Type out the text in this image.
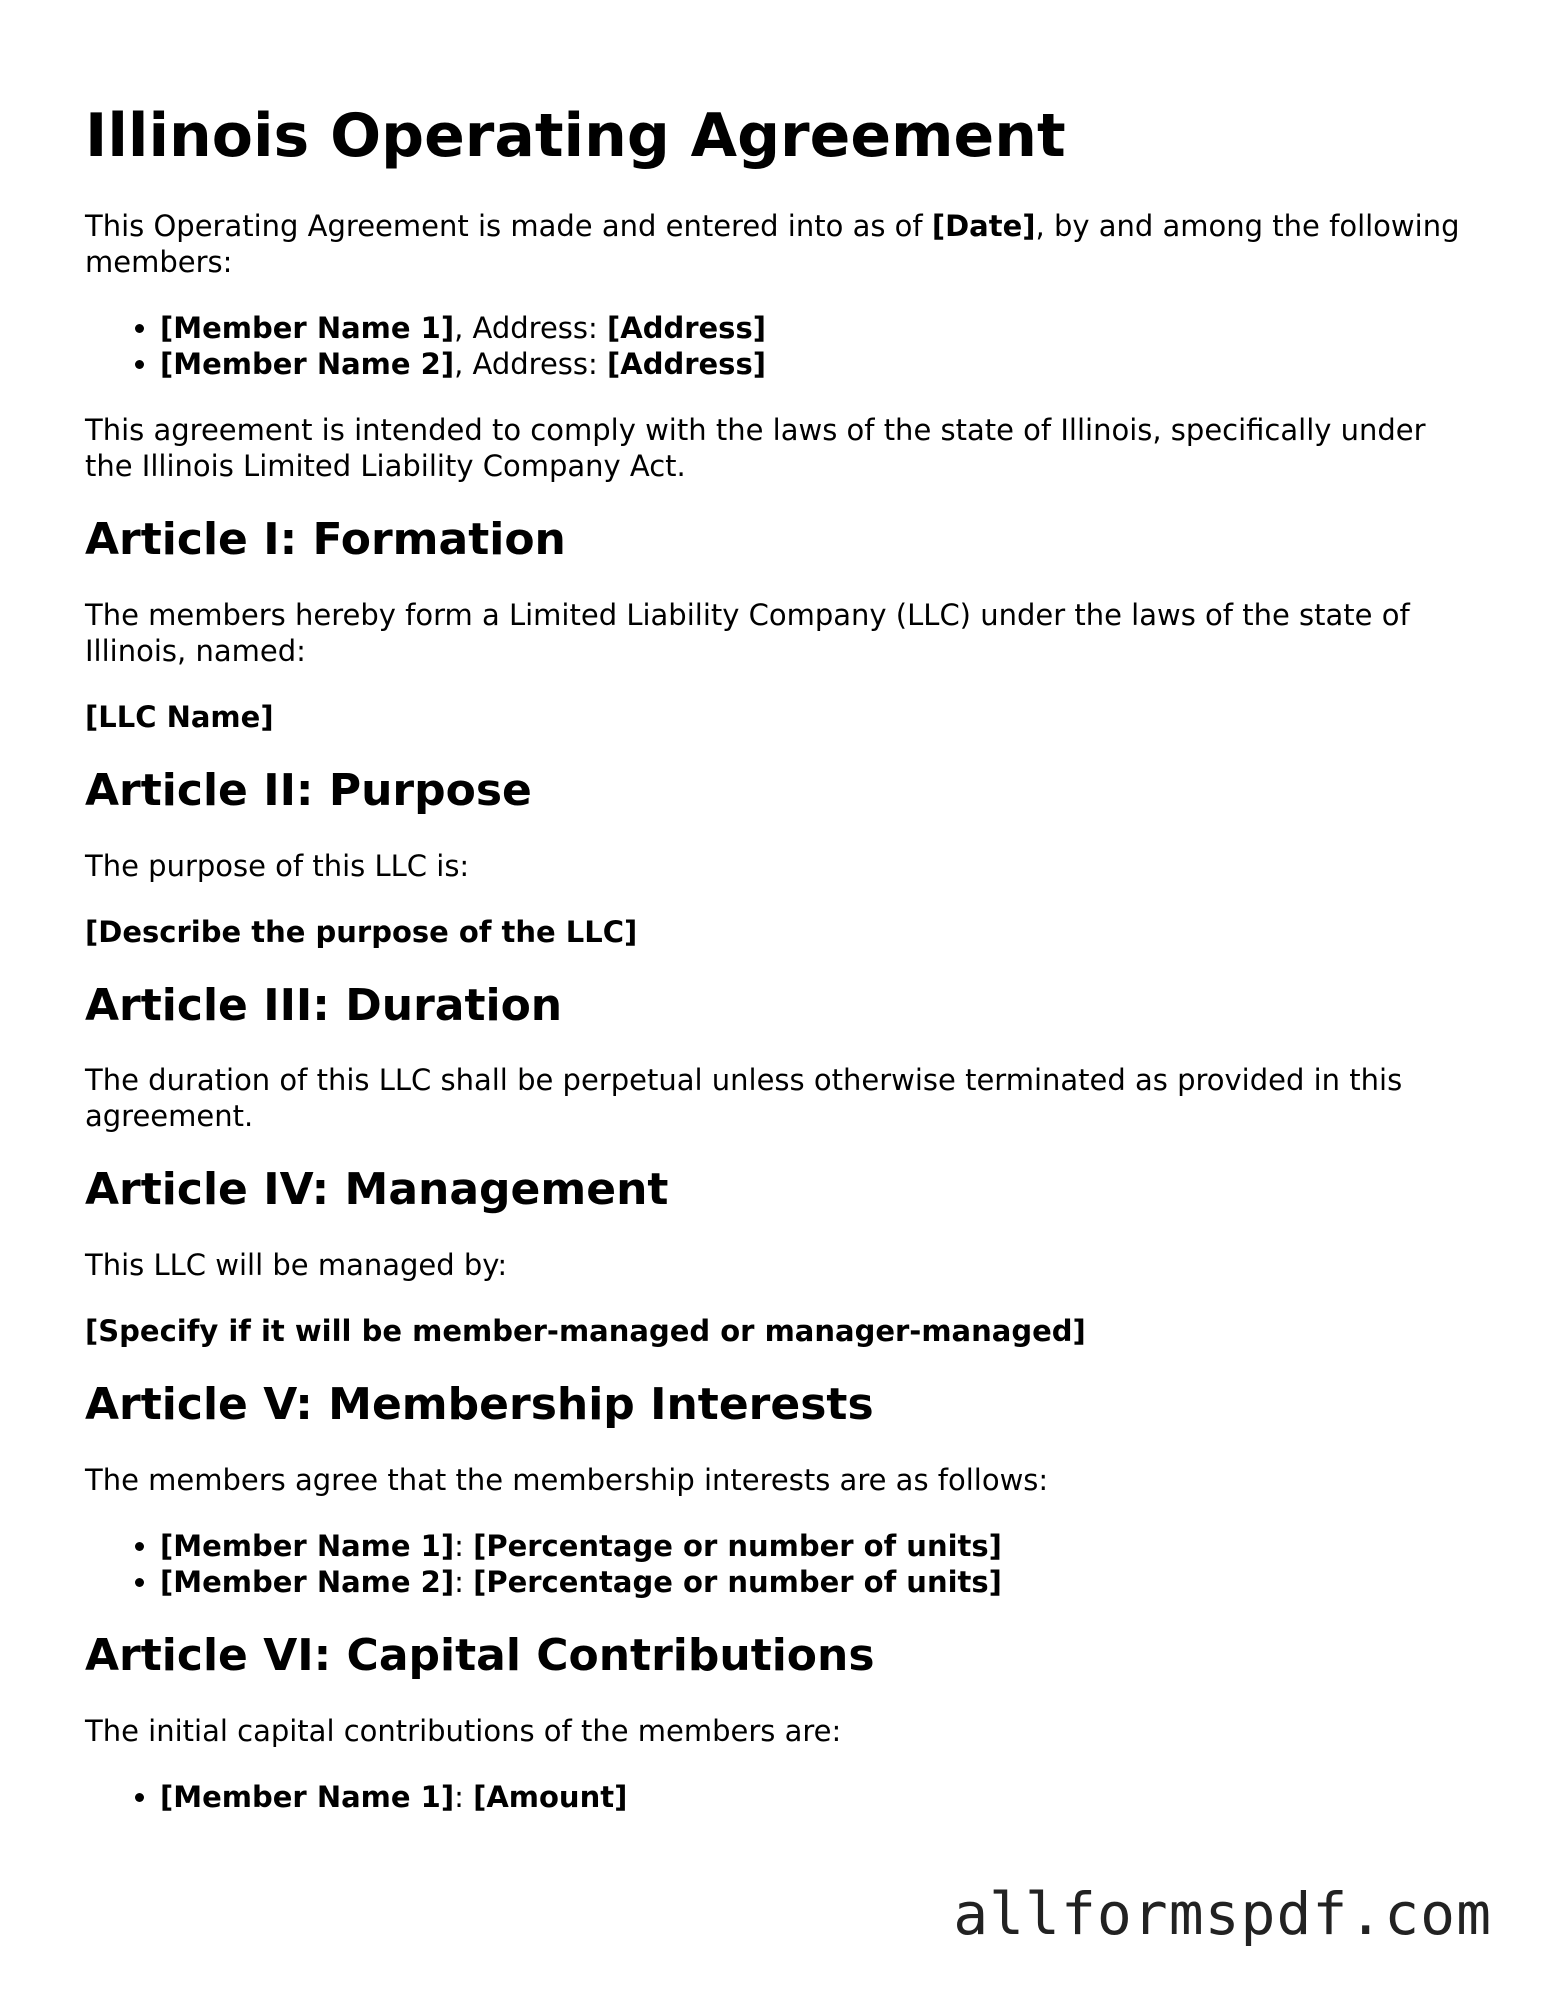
Illinois Operating Agreement

This Operating Agreement is made and entered into as of [Date], by and among the following members:

• [Member Name 1], Address: [Address]
• [Member Name 2], Address: [Address]

This agreement is intended to comply with the laws of the state of Illinois, specifically under the Illinois Limited Liability Company Act.

Article I: Formation

The members hereby form a Limited Liability Company (LLC) under the laws of the state of Illinois, named:

[LLC Name]

Article II: Purpose

The purpose of this LLC is:

[Describe the purpose of the LLC]

Article III: Duration

The duration of this LLC shall be perpetual unless otherwise terminated as provided in this agreement.

Article IV: Management

This LLC will be managed by:

[Specify if it will be member-managed or manager-managed]

Article V: Membership Interests

The members agree that the membership interests are as follows:

• [Member Name 1]: [Percentage or number of units]
• [Member Name 2]: [Percentage or number of units]
Article VI: Capital Contributions

The initial capital contributions of the members are:

• [Member Name 1]: [Amount]
allformspdf.com
